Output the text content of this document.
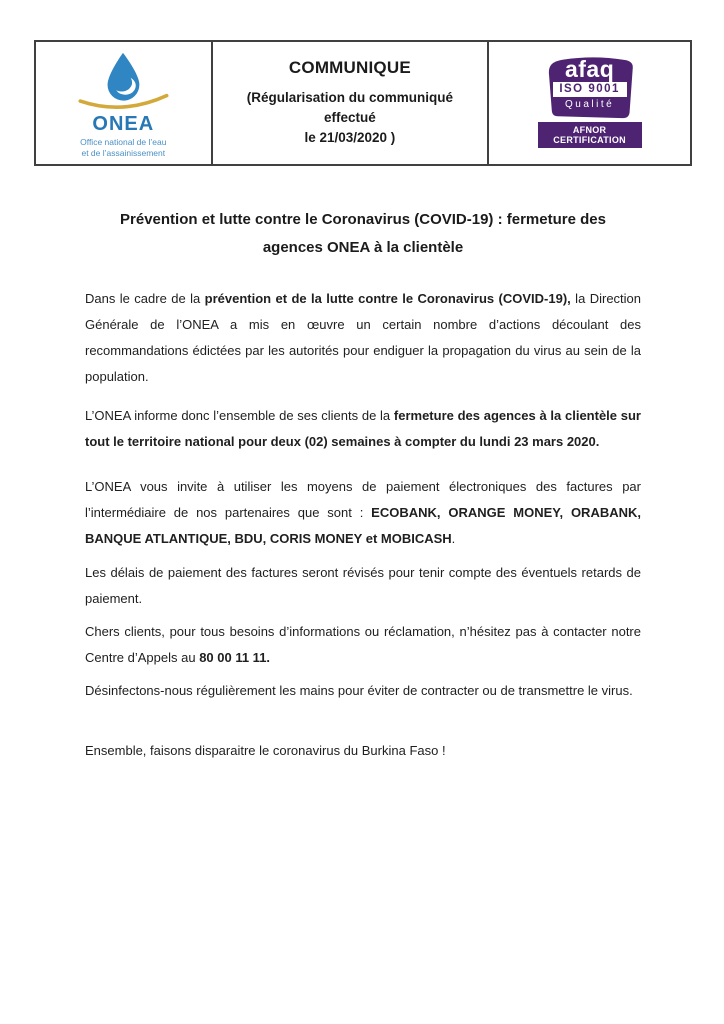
ONEA
Office national de l’eau
et de l’assainissement
COMMUNIQUE
(Régularisation du communiqué effectué
le 21/03/2020 )
afaq
ISO 9001
Qualité
AFNOR CERTIFICATION
Prévention et lutte contre le Coronavirus (COVID-19) : fermeture des agences ONEA à la clientèle

Dans le cadre de la prévention et de la lutte contre le Coronavirus (COVID-19), la Direction Générale de l’ONEA a mis en œuvre un certain nombre d’actions découlant des recommandations édictées par les autorités pour endiguer la propagation du virus au sein de la population.

L’ONEA informe donc l’ensemble de ses clients de la fermeture des agences à la clientèle sur tout le territoire national pour deux (02) semaines à compter du lundi 23 mars 2020.

L’ONEA vous invite à utiliser les moyens de paiement électroniques des factures par l’intermédiaire de nos partenaires que sont : ECOBANK, ORANGE MONEY, ORABANK, BANQUE ATLANTIQUE, BDU, CORIS MONEY et MOBICASH.

Les délais de paiement des factures seront révisés pour tenir compte des éventuels retards de paiement.

Chers clients, pour tous besoins d’informations ou réclamation, n’hésitez pas à contacter notre Centre d’Appels au 80 00 11 11.

Désinfectons-nous régulièrement les mains pour éviter de contracter ou de transmettre le virus.

Ensemble, faisons disparaitre le coronavirus du Burkina Faso !
